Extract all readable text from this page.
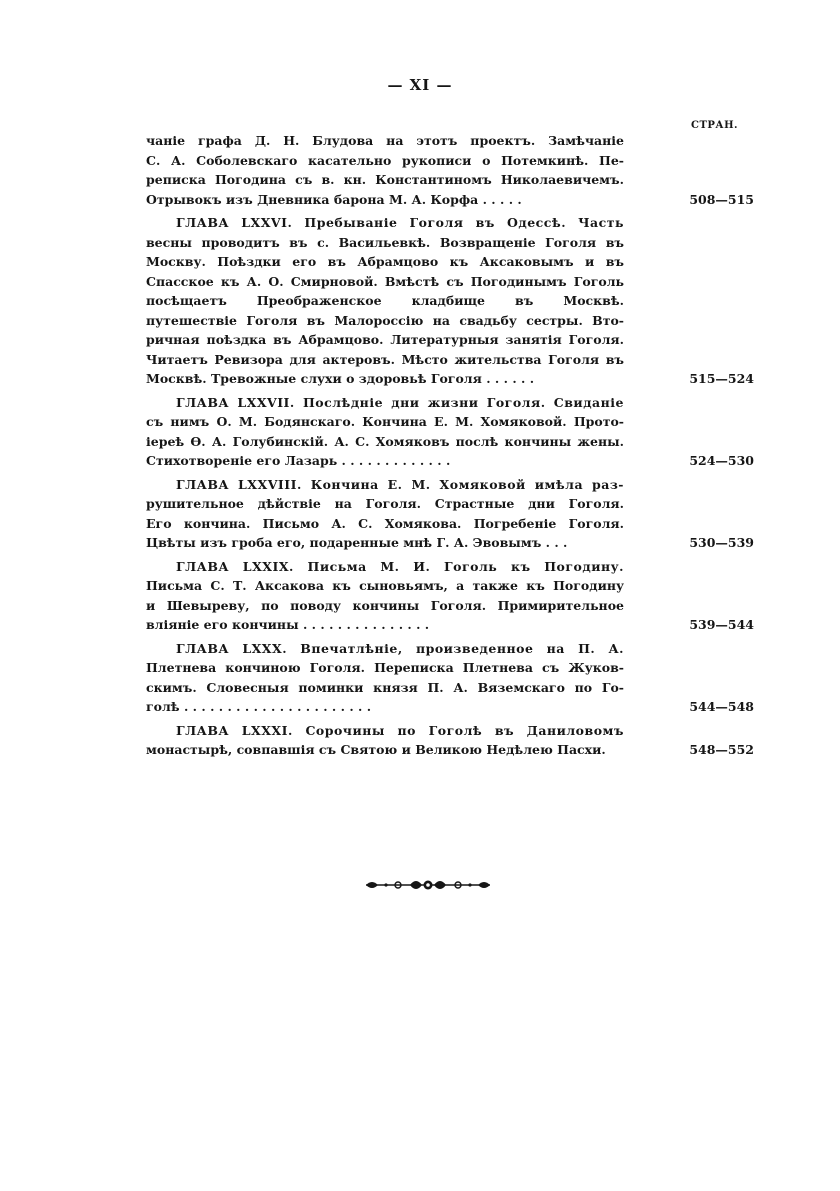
— XI —
СТРАН.
чаніе графа Д. Н. Блудова на этотъ проектъ. Замѣчаніе
С. А. Соболевскаго касательно рукописи о Потемкинѣ. Пе-
реписка Погодина съ в. кн. Константиномъ Николаевичемъ.
Отрывокъ изъ Дневника барона М. А. Корфа . . . . .	508—515
ГЛАВА LXXVI. Пребываніе Гоголя въ Одессѣ. Часть
весны проводитъ въ с. Васильевкѣ. Возвращеніе Гоголя въ
Москву. Поѣздки его въ Абрамцово къ Аксаковымъ и въ
Спасское къ А. О. Смирновой. Вмѣстѣ съ Погодинымъ Гоголь
посѣщаетъ Преображенское кладбище въ Москвѣ.
путешествіе Гоголя въ Малороссію на свадьбу сестры. Вто-
ричная поѣздка въ Абрамцово. Литературныя занятія Гоголя.
Читаетъ Ревизора для актеровъ. Мѣсто жительства Гоголя въ
Москвѣ. Тревожные слухи о здоровьѣ Гоголя . . . . . .	515—524
ГЛАВА LXXVII. Послѣдніе дни жизни Гоголя. Свиданіе
съ нимъ О. М. Бодянскаго. Кончина Е. М. Хомяковой. Прото-
іереѣ Ѳ. А. Голубинскій. А. С. Хомяковъ послѣ кончины жены.
Стихотвореніе его Лазарь . . . . . . . . . . . . .	524—530
ГЛАВА LXXVIII. Кончина Е. М. Хомяковой имѣла раз-
рушительное дѣйствіе на Гоголя. Страстные дни Гоголя.
Его кончина. Письмо А. С. Хомякова. Погребеніе Гоголя.
Цвѣты изъ гроба его, подаренные мнѣ Г. А. Эвовымъ . . .	530—539
ГЛАВА LXXIX. Письма М. И. Гоголь къ Погодину.
Письма С. Т. Аксакова къ сыновьямъ, а также къ Погодину
и Шевыреву, по поводу кончины Гоголя. Примирительное
вліяніе его кончины . . . . . . . . . . . . . . .	539—544
ГЛАВА LXXX. Впечатлѣніе, произведенное на П. А.
Плетнева кончиною Гоголя. Переписка Плетнева съ Жуков-
скимъ. Словесныя поминки князя П. А. Вяземскаго по Го-
голѣ . . . . . . . . . . . . . . . . . . . . . .	544—548
ГЛАВА LXXXI. Сорочины по Гоголѣ въ Даниловомъ
монастырѣ, совпавшія съ Святою и Великою Недѣлею Пасхи.	548—552
